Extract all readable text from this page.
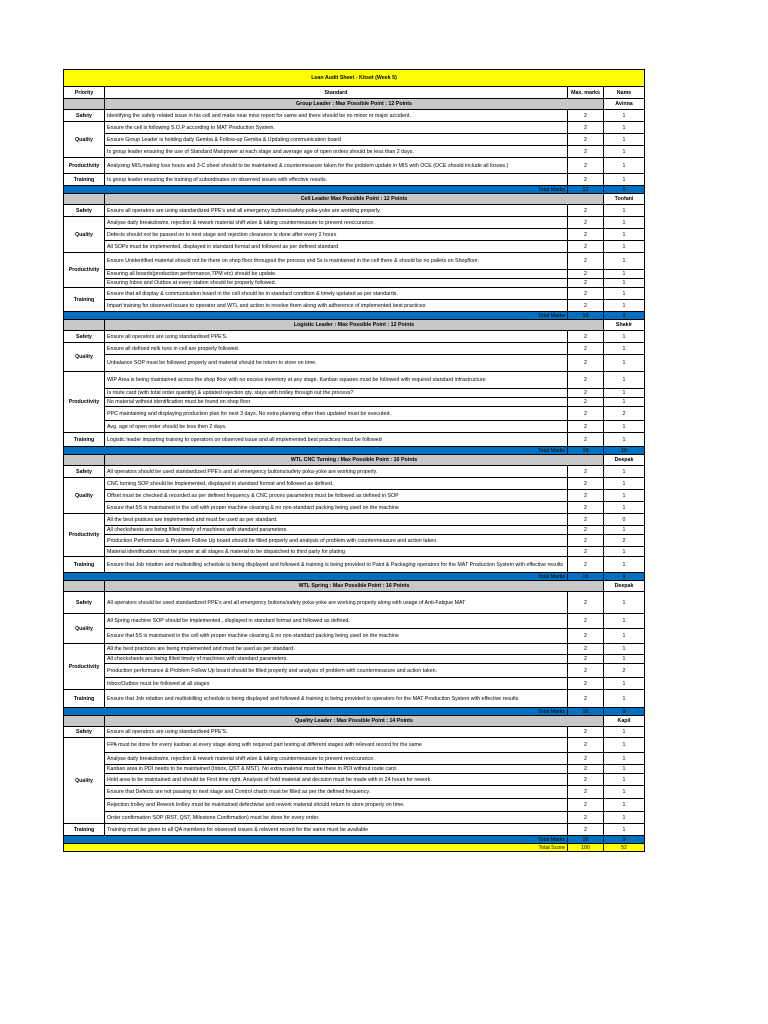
Lean Audit Sheet - Kitset (Week 5)			
Priority	Standard	Max. marks	Name
	Group Leader : Max Possible Point : 12 Points		Avinna
Safety	Identifying the safety related issue in his cell and make near miss report for same and there should be no minor or major accident.	2	1
Quality	Ensure the cell is following S.O.P according to MAT Production System.	2	1
	Ensure Group Leader is holding daily Gemba & Follow-up Gemba & Updating communication board	2	1
	Is group leader ensuring the use of Standard Manpower at each stage and average age of open orders should be less than 2 days.	2	1
Productivity	Analysing MIS,making loss hours and 3-C sheet should to be maintained & countermeasure taken for the problem update in MIS with OCE (OCE should include all losses.)	2	1
Training	Is group leader ensuring the training of subordinates on observed issues with effective results.	2	1
Total Marks		12	6
	Cell Leader Max Possible Point : 12 Points		Toofani
Safety	Ensure all operators are using standardized PPE's and all emergency buttons/safety poka-yoke are working properly.	2	1
Quality	Analyse daily breakdowns, rejection & rework material shift wise & taking countermeasure to prevent reoccurance.	2	1
	Defects should not be passed on to next stage and rejection clearance is done after every 2 hours	2	1
	All SOPs must be implemented, displayed in standard format and followed as per defined standard	2	1
Productivity	Ensure Unidentified material should not be there on shop floor througout the process and 5s is maintained in the cell there & should be no pallets on Shopfloor.	2	1
	Ensuring all boards(production performance,TPM etc) should be update.	2	1
	Ensuring Inbox and Outbox at every station should be properly followed.	2	1
Training	Ensure that all display & communication board in the cell should be in standard condition & timely updated as per standards.	2	1
	Impart training for observed issues to operator and WTL and action to resolve them along with adherence of implemented best practices	2	1
Total Marks		18	9
	Logistic Leader : Max Possible Point : 12 Points		Shakir
Safety	Ensure all operators are using standardised PPE'S.	2	1
Quality	Ensure all defined milk runs in cell are properly followed.	2	1
	Unbalance SOP must be followed properly and material should be return to store on time.	2	1
Productivity	WIP Area is being maintained across the shop floor with no excess inventory at any stage. Kanban squares must be followed with required standard infrastructure	2	1
	Is route card (with total order quantity) & updated rejection qty. stays with trolley through out the process?	2	1
	No material without identification must be found on shop floor	2	1
	PPC maintaining and displaying production plan for next 3 days. No extra planning other than updated must be executed.	2	2
	Avg. age of open order should be less then 2 days.	2	1
Training	Logistic leader imparting training to operators on observed issue and all implemented best practices must be followed	2	1
Total Marks		18	10
	WTL CNC Turning : Max Possible Point : 16 Points		Deepak
Safety	All operators should be used standardized PPE's and all emergency buttons/safety poka-yoke are working properly.	2	1
Quality	CNC turning SOP should be Implemented, displayed in standard format and followed as defined.	2	1
	Offset must be checked & recorded as per defined frequency & CNC proces parameters must be followed as defined in SOP	2	1
	Ensure that 5S is maintained in the cell with proper machine cleaning & no non-standard packing being used on the machine	2	1
Productivity	All the best pratices are implemented and must be used as per standard.	2	0
	All checksheets are being filled timely of machines with standard parameters.	2	1
	Production Performance & Problem Follow Up board should be filled properly and analysis of problem with countermeasure and action taken.	2	2
	Material identification must be proper at all stages & material to be dispatched to third party for plating	2	1
Training	Ensure that Job rotation and multiskilling schedule is being displayed and followed & training is being provided to Paint & Packaging operators for the MAT Production System with effective results	2	1
Total Marks		18	9
	WTL Spring : Max Possible Point : 16 Points		Deepak
Safety	All operators should be used standardized PPE's and all emergency buttons/safety poka-yoke are working properly along with usage of Anti-Fatigue MAT	2	1
Quality	All Spring machine SOP should be Implemented , displayed in standard format and followed as defined.	2	1
	Ensure that 5S is maintained in the cell with proper machine cleaning & no non-standard packing being used on the machine	2	1
Productivity	All the best practices are being implemented and must be used as per standard.	2	1
	All checksheets are being filled timely of machines with standard parameters.	2	1
	Production performance & Problem Follow Up board should be filled properly and analysis of problem with countermeasure and action taken.	2	2
	Inbox/Outbox must be followed at all stages	2	1
Training	Ensure that Job rotation and multiskilling schedule is being displayed and followed & training is being provided to operators for the MAT Production System with effective results	2	1
Total Marks		16	9
	Quality Leader : Max Possible Point : 14 Points		Kapil
Safety	Ensure all operators are using standardised PPE'S.	2	1
Quality	FPA must be done for every kanban at every stage along with required part testing at different stages with relevant record for the same	2	1
	Analyse daily breakdowns, rejection & rework material shift wise & taking countermeasure to prevent reoccurance.	2	1
	Kanban area in PDI needs to be maintained (Inbox, QST & MST). No extra material must be there in PDI without route card.	2	1
	Hold area to be maintained and should be First time right. Analysis of hold material and decision must be made with in 24 hours for rework.	2	1
	Ensure that Defects are not passing to next stage and Control charts must be filled as per the defined frequency.	2	1
	Rejection trolley and Rework trolley must be maintained defectwise and rework material should return to store properly on time.	2	1
	Order confirmation SOP (RST, QST, Milestone Confirmation) must be done for every order.	2	1
Training	Training must be given to all QA members for observed issues & relevent record for the same must be available	2	1
Total Marks		16	9
Total Score		100	52
